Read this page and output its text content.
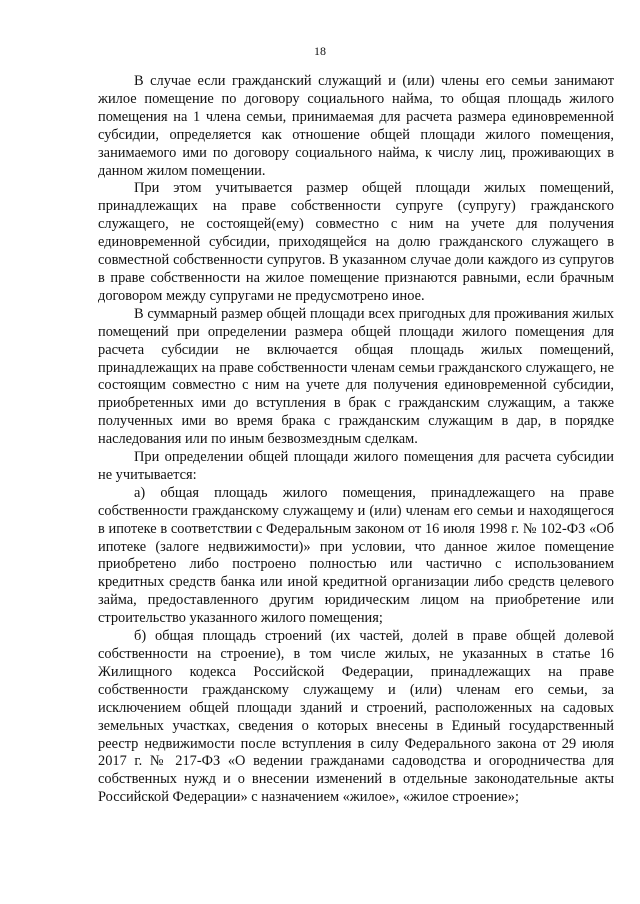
18

В случае если гражданский служащий и (или) члены его семьи занимают жилое помещение по договору социального найма, то общая площадь жилого помещения на 1 члена семьи, принимаемая для расчета размера единовременной субсидии, определяется как отношение общей площади жилого помещения, занимаемого ими по договору социального найма, к числу лиц, проживающих в данном жилом помещении.

При этом учитывается размер общей площади жилых помещений, принадлежащих на праве собственности супруге (супругу) гражданского служащего, не состоящей(ему) совместно с ним на учете для получения единовременной субсидии, приходящейся на долю гражданского служащего в совместной собственности супругов. В указанном случае доли каждого из супругов в праве собственности на жилое помещение признаются равными, если брачным договором между супругами не предусмотрено иное.

В суммарный размер общей площади всех пригодных для проживания жилых помещений при определении размера общей площади жилого помещения для расчета субсидии не включается общая площадь жилых помещений, принадлежащих на праве собственности членам семьи гражданского служащего, не состоящим совместно с ним на учете для получения единовременной субсидии, приобретенных ими до вступления в брак с гражданским служащим, а также полученных ими во время брака с гражданским служащим в дар, в порядке наследования или по иным безвозмездным сделкам.

При определении общей площади жилого помещения для расчета субсидии не учитывается:

а) общая площадь жилого помещения, принадлежащего на праве собственности гражданскому служащему и (или) членам его семьи и находящегося в ипотеке в соответствии с Федеральным законом от 16 июля 1998 г. № 102-ФЗ «Об ипотеке (залоге недвижимости)» при условии, что данное жилое помещение приобретено либо построено полностью или частично с использованием кредитных средств банка или иной кредитной организации либо средств целевого займа, предоставленного другим юридическим лицом на приобретение или строительство указанного жилого помещения;

б) общая площадь строений (их частей, долей в праве общей долевой собственности на строение), в том числе жилых, не указанных в статье 16 Жилищного кодекса Российской Федерации, принадлежащих на праве собственности гражданскому служащему и (или) членам его семьи, за исключением общей площади зданий и строений, расположенных на садовых земельных участках, сведения о которых внесены в Единый государственный реестр недвижимости после вступления в силу Федерального закона от 29 июля 2017 г. № 217-ФЗ «О ведении гражданами садоводства и огородничества для собственных нужд и о внесении изменений в отдельные законодательные акты Российской Федерации» с назначением «жилое», «жилое строение»;
